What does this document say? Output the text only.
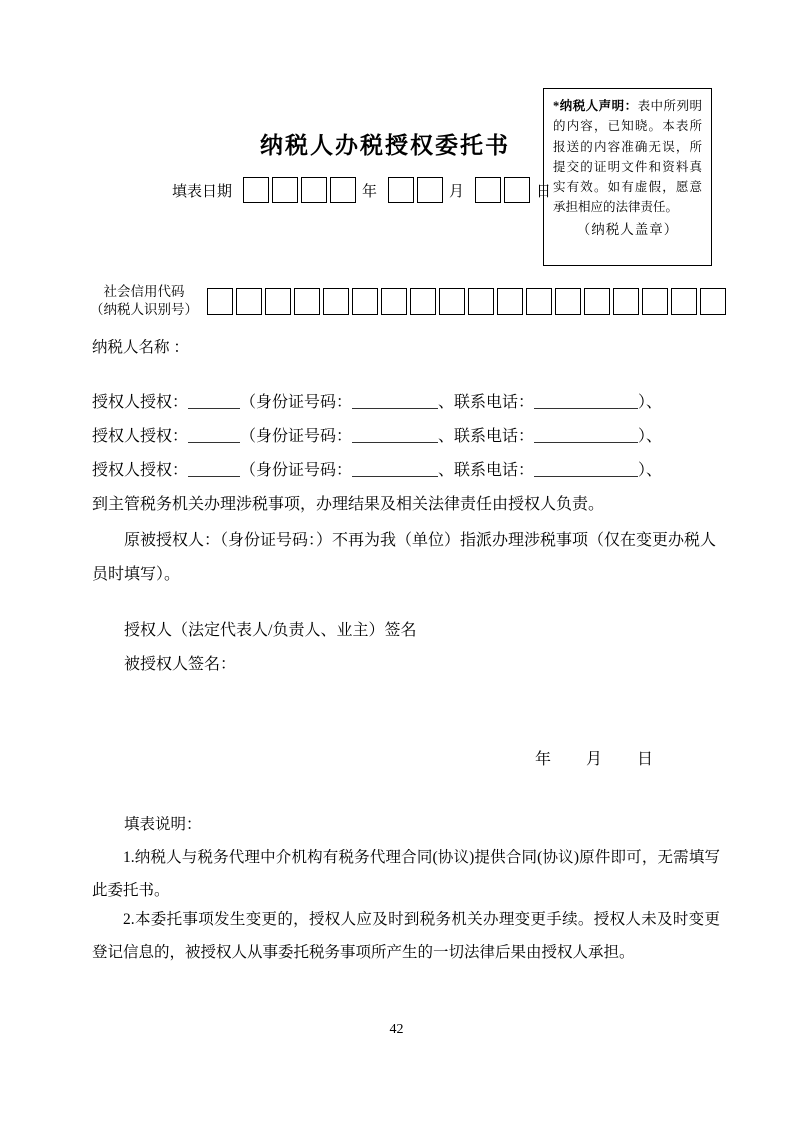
*纳税人声明：表中所列明的内容，已知晓。本表所报送的内容准确无误，所提交的证明文件和资料真实有效。如有虚假，愿意承担相应的法律责任。
（纳税人盖章）
纳税人办税授权委托书
填表日期	年	月	日
社会信用代码
（纳税人识别号）
纳税人名称 ：
授权人授权：	（身份证号码：	、联系电话：	）、
授权人授权：	（身份证号码：	、联系电话：	）、
授权人授权：	（身份证号码：	、联系电话：	）、
到主管税务机关办理涉税事项，办理结果及相关法律责任由授权人负责。
原被授权人：（身份证号码：）不再为我（单位）指派办理涉税事项（仅在变更办税人员时填写）。
授权人（法定代表人/负责人、业主）签名
被授权人签名：
年　　月　　日
填表说明：
1.纳税人与税务代理中介机构有税务代理合同(协议)提供合同(协议)原件即可，无需填写此委托书。
2.本委托事项发生变更的，授权人应及时到税务机关办理变更手续。授权人未及时变更登记信息的，被授权人从事委托税务事项所产生的一切法律后果由授权人承担。
42
